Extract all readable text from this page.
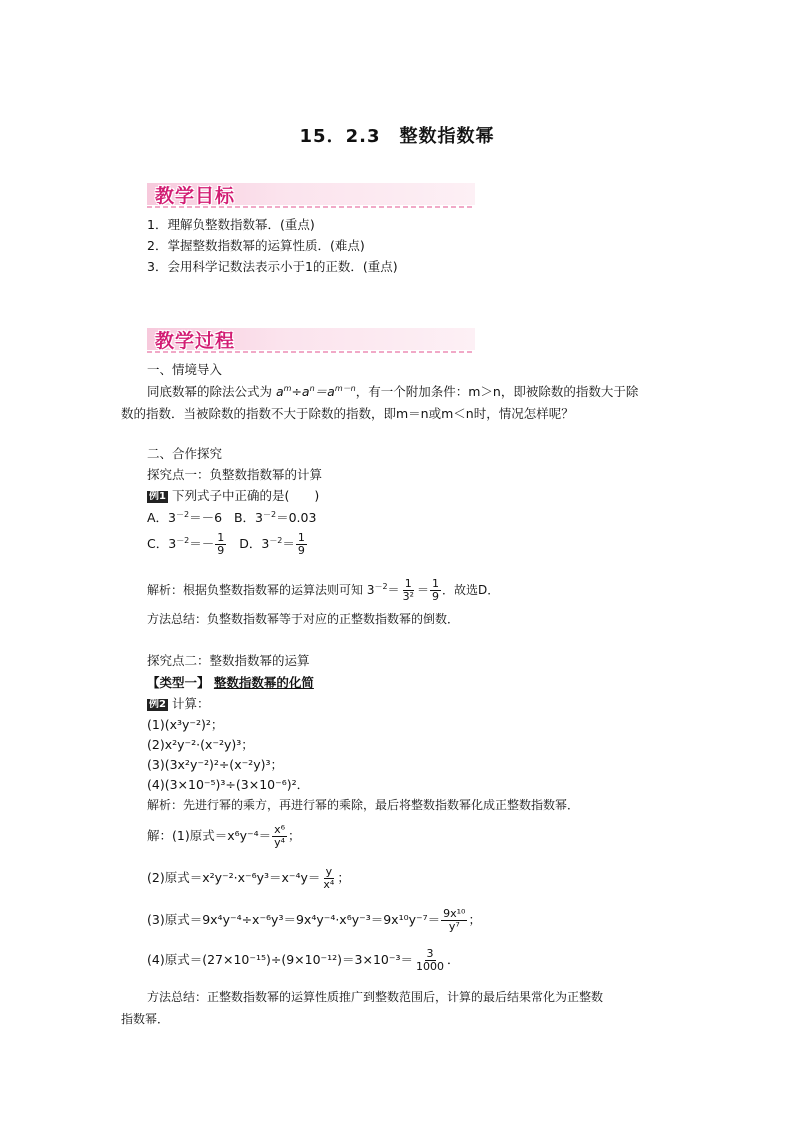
15．2.3　整数指数幂
教学目标
1．理解负整数指数幂．(重点)
2．掌握整数指数幂的运算性质．(难点)
3．会用科学记数法表示小于1的正数．(重点)
教学过程
一、情境导入
同底数幂的除法公式为 $a^m\div a^n=a^{m-n}$，有一个附加条件：m＞n，即被除数的指数大于除
数的指数．当被除数的指数不大于除数的指数，即m＝n或m＜n时，情况怎样呢？
二、合作探究
探究点一：负整数指数幂的计算
例1 下列式子中正确的是(　　)
A．$3^{-2}=-6$ B．$3^{-2}=0.03$
C．$3^{-2}=- \frac{1}{9}$ D．$3^{-2}= \frac{1}{9}$
解析：根据负整数指数幂的运算法则可知 $3^{-2}= \frac{1}{\text{3²}} = \frac{1}{9}$ ．故选D．
方法总结：负整数指数幂等于对应的正整数指数幂的倒数．
探究点二：整数指数幂的运算
【类型一】 整数指数幂的化简
例2 计算：
(1)(x³y⁻²)²；
(2)x²y⁻²·(x⁻²y)³；
(3)(3x²y⁻²)²÷(x⁻²y)³；
(4)(3×10⁻⁵)³÷(3×10⁻⁶)²．
解析：先进行幂的乘方，再进行幂的乘除，最后将整数指数幂化成正整数指数幂．
解：(1)原式$=x^6y^{-4}= \frac{\text{x⁶}}{\text{y⁴}}$ ；
(2)原式$=x^2y^{-2}\cdot x^{-6}y^3=x^{-4}y= \frac{y}{\text{x⁴}}$ ；
(3)原式$=9x^4y^{-4}\div x^{-6}y^3=9x^4y^{-4}\cdot x^6y^{-3}=9x^{10}y^{-7}= \frac{\text{9x¹⁰}}{\text{y⁷}}$ ；
(4)原式$=(27\times 10^{-15})\div(9\times 10^{-12})=3\times 10^{-3}= \frac{3}{1000}$ ．
方法总结：正整数指数幂的运算性质推广到整数范围后，计算的最后结果常化为正整数
指数幂．
